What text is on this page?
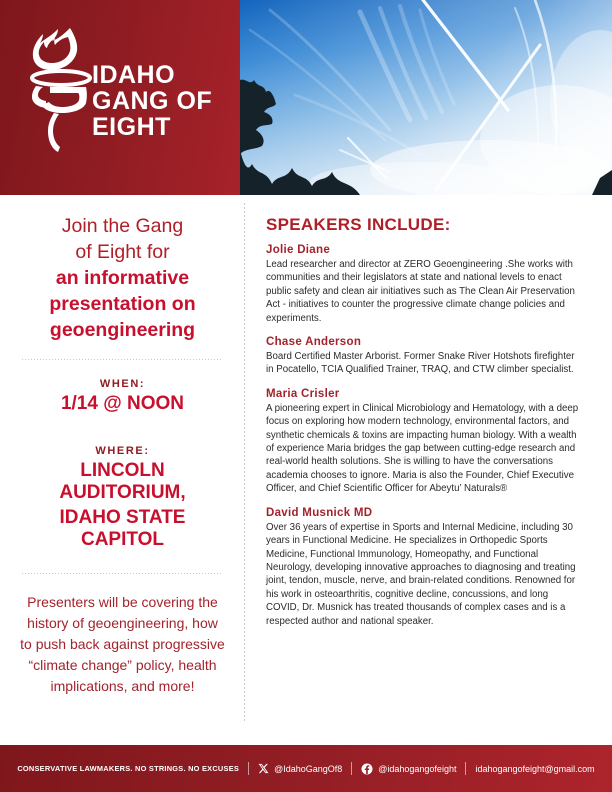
IDAHO
GANG OF
EIGHT
Join the Gang
of Eight for
an informative
presentation on
geoengineering
WHEN:
1/14 @ NOON
WHERE:
LINCOLN AUDITORIUM,
IDAHO STATE CAPITOL
Presenters will be covering the history of geoengineering, how to push back against progressive “climate change” policy, health implications, and more!
SPEAKERS INCLUDE:
Jolie Diane
Lead researcher and director at ZERO Geoengineering .She works with communities and their legislators at state and national levels to enact public safety and clean air initiatives such as The Clean Air Preservation Act - initiatives to counter the progressive climate change policies and experiments.
Chase Anderson
Board Certified Master Arborist. Former Snake River Hotshots firefighter in Pocatello, TCIA Qualified Trainer, TRAQ, and CTW climber specialist.
Maria Crisler
A pioneering expert in Clinical Microbiology and Hematology, with a deep focus on exploring how modern technology, environmental factors, and synthetic chemicals & toxins are impacting human biology. With a wealth of experience Maria bridges the gap between cutting-edge research and real-world health solutions. She is willing to have the conversations academia chooses to ignore. Maria is also the Founder, Chief Executive Officer, and Chief Scientific Officer for Abeytu’ Naturals®
David Musnick MD
Over 36 years of expertise in Sports and Internal Medicine, including 30 years in Functional Medicine. He specializes in Orthopedic Sports Medicine, Functional Immunology, Homeopathy, and Functional Neurology, developing innovative approaches to diagnosing and treating joint, tendon, muscle, nerve, and brain-related conditions. Renowned for his work in osteoarthritis, cognitive decline, concussions, and long COVID, Dr. Musnick has treated thousands of complex cases and is a respected author and national speaker.
CONSERVATIVE LAWMAKERS. NO STRINGS. NO EXCUSES	@IdahoGangOf8	@idahogangofeight idahogangofeight@gmail.com
